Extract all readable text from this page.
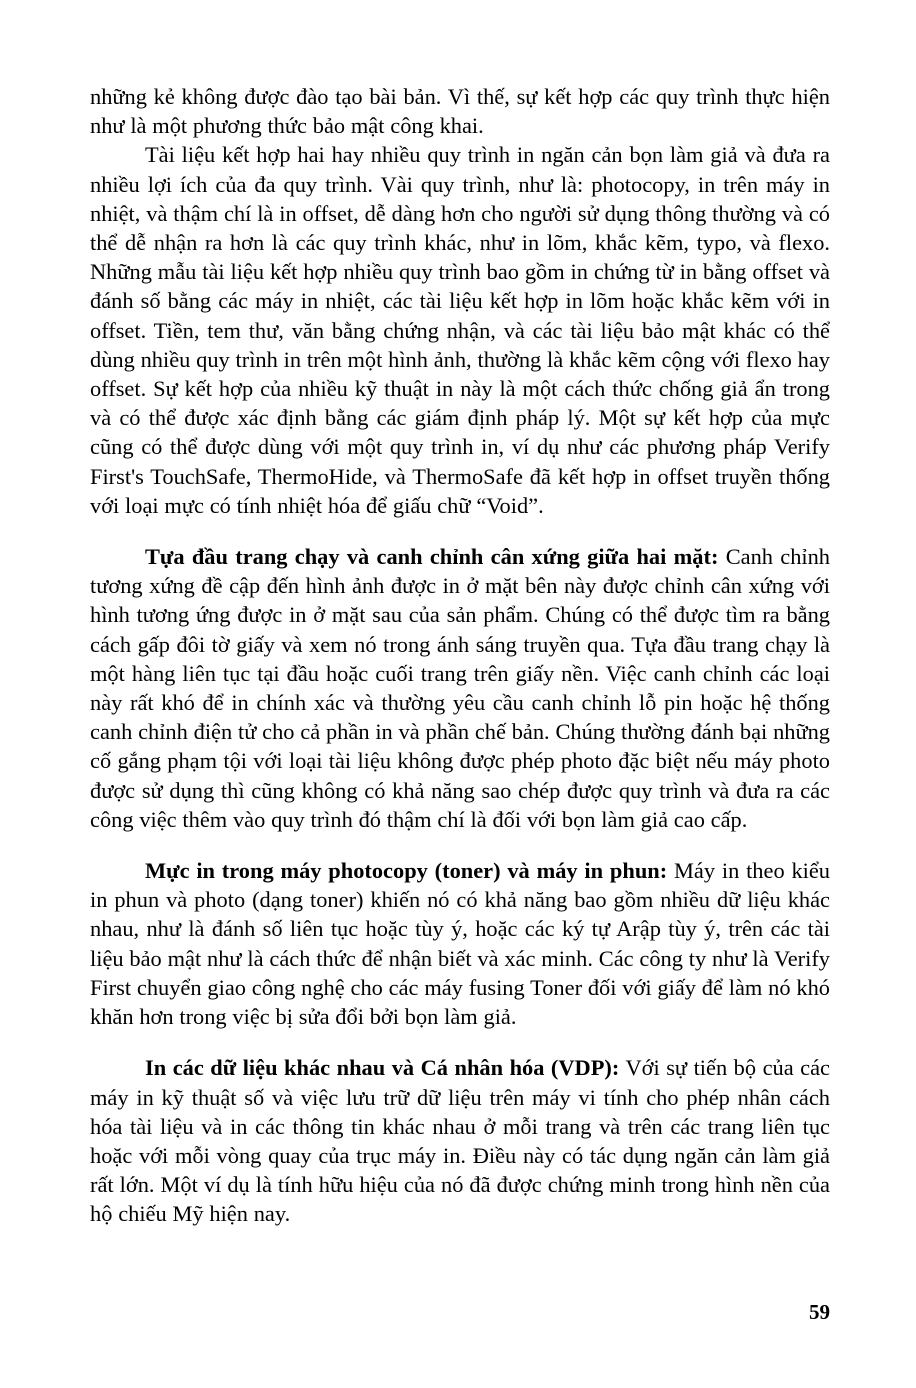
những kẻ không được đào tạo bài bản. Vì thế, sự kết hợp các quy trình thực hiện như là một phương thức bảo mật công khai.

Tài liệu kết hợp hai hay nhiều quy trình in ngăn cản bọn làm giả và đưa ra nhiều lợi ích của đa quy trình. Vài quy trình, như là: photocopy, in trên máy in nhiệt, và thậm chí là in offset, dễ dàng hơn cho người sử dụng thông thường và có thể dễ nhận ra hơn là các quy trình khác, như in lõm, khắc kẽm, typo, và flexo. Những mẫu tài liệu kết hợp nhiều quy trình bao gồm in chứng từ in bằng offset và đánh số bằng các máy in nhiệt, các tài liệu kết hợp in lõm hoặc khắc kẽm với in offset. Tiền, tem thư, văn bằng chứng nhận, và các tài liệu bảo mật khác có thể dùng nhiều quy trình in trên một hình ảnh, thường là khắc kẽm cộng với flexo hay offset. Sự kết hợp của nhiều kỹ thuật in này là một cách thức chống giả ẩn trong và có thể được xác định bằng các giám định pháp lý. Một sự kết hợp của mực cũng có thể được dùng với một quy trình in, ví dụ như các phương pháp Verify First's TouchSafe, ThermoHide, và ThermoSafe đã kết hợp in offset truyền thống với loại mực có tính nhiệt hóa để giấu chữ “Void”.

Tựa đầu trang chạy và canh chỉnh cân xứng giữa hai mặt: Canh chỉnh tương xứng đề cập đến hình ảnh được in ở mặt bên này được chỉnh cân xứng với hình tương ứng được in ở mặt sau của sản phẩm. Chúng có thể được tìm ra bằng cách gấp đôi tờ giấy và xem nó trong ánh sáng truyền qua. Tựa đầu trang chạy là một hàng liên tục tại đầu hoặc cuối trang trên giấy nền. Việc canh chỉnh các loại này rất khó để in chính xác và thường yêu cầu canh chỉnh lỗ pin hoặc hệ thống canh chỉnh điện tử cho cả phần in và phần chế bản. Chúng thường đánh bại những cố gắng phạm tội với loại tài liệu không được phép photo đặc biệt nếu máy photo được sử dụng thì cũng không có khả năng sao chép được quy trình và đưa ra các công việc thêm vào quy trình đó thậm chí là đối với bọn làm giả cao cấp.

Mực in trong máy photocopy (toner) và máy in phun: Máy in theo kiểu in phun và photo (dạng toner) khiến nó có khả năng bao gồm nhiều dữ liệu khác nhau, như là đánh số liên tục hoặc tùy ý, hoặc các ký tự Arập tùy ý, trên các tài liệu bảo mật như là cách thức để nhận biết và xác minh. Các công ty như là Verify First chuyển giao công nghệ cho các máy fusing Toner đối với giấy để làm nó khó khăn hơn trong việc bị sửa đổi bởi bọn làm giả.

In các dữ liệu khác nhau và Cá nhân hóa (VDP): Với sự tiến bộ của các máy in kỹ thuật số và việc lưu trữ dữ liệu trên máy vi tính cho phép nhân cách hóa tài liệu và in các thông tin khác nhau ở mỗi trang và trên các trang liên tục hoặc với mỗi vòng quay của trục máy in. Điều này có tác dụng ngăn cản làm giả rất lớn. Một ví dụ là tính hữu hiệu của nó đã được chứng minh trong hình nền của hộ chiếu Mỹ hiện nay.

59
